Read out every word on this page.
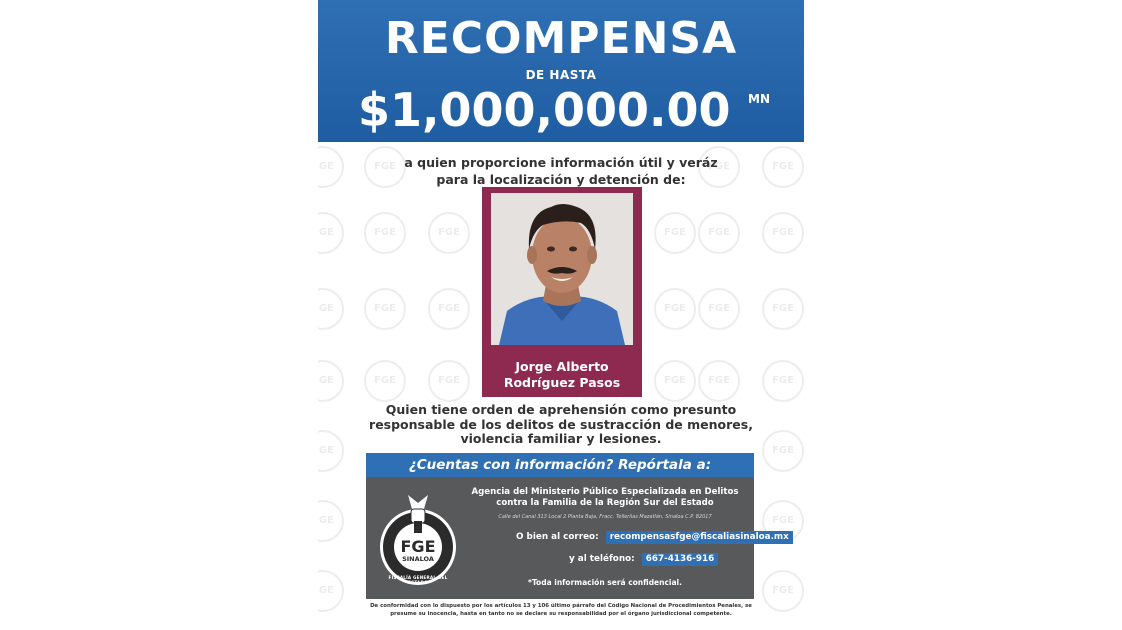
FGE
FGE
FGE
FGE
FGE
FGE
FGE
FGE
FGE
FGE
FGE
FGE
FGE
FGE
FGE
FGE
FGE
FGE
FGE
FGE
FGE
FGE
FGE
FGE
FGE
FGE
FGE
FGE
RECOMPENSA
DE HASTA
$1,000,000.00 MN
a quien proporcione información útil y veráz
para la localización y detención de:
Jorge Alberto
Rodríguez Pasos
Quien tiene orden de aprehensión como presunto
responsable de los delitos de sustracción de menores,
violencia familiar y lesiones.
¿Cuentas con información? Repórtala a:
FGE
SINALOA
FISCALÍA GENERAL DEL ESTADO
Agencia del Ministerio Público Especializada en Delitos
contra la Familia de la Región Sur del Estado
Calle del Canal 313 Local 2 Planta Baja, Fracc. Telleríias Mazatlán, Sinaloa C.P. 82017
O bien al correo: recompensasfge@fiscaliasinaloa.mx
y al teléfono: 667-4136-916
*Toda información será confidencial.
De conformidad con lo dispuesto por los artículos 13 y 106 último párrafo del Código Nacional de Procedimientos Penales, se
presume su inocencia, hasta en tanto no se declare su responsabilidad por el órgano jurisdiccional competente.
